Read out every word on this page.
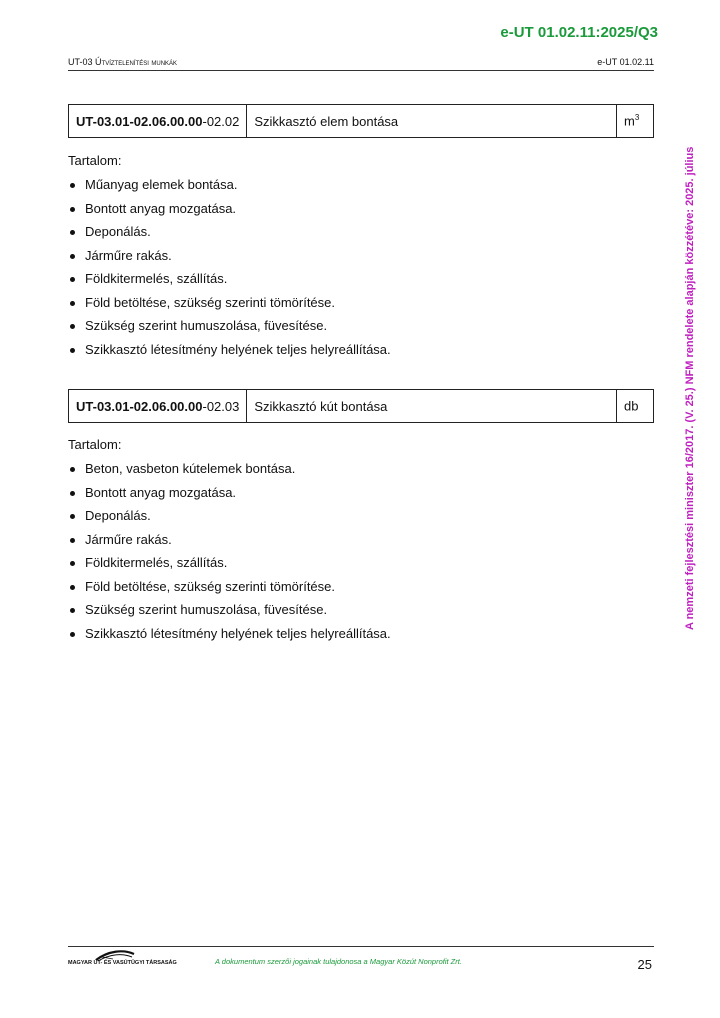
e-UT 01.02.11:2025/Q3
UT-03 Útvíztelenítési munkák	e-UT 01.02.11
A nemzeti fejlesztési miniszter 16/2017. (V. 25.) NFM rendelete alapján közzétéve: 2025. július
UT-03.01-02.06.00.00-02.02	Szikkasztó elem bontása	$m^3$
Tartalom:
Műanyag elemek bontása.
Bontott anyag mozgatása.
Deponálás.
Járműre rakás.
Földkitermelés, szállítás.
Föld betöltése, szükség szerinti tömörítése.
Szükség szerint humuszolása, füvesítése.
Szikkasztó létesítmény helyének teljes helyreállítása.
UT-03.01-02.06.00.00-02.03	Szikkasztó kút bontása	db
Tartalom:
Beton, vasbeton kútelemek bontása.
Bontott anyag mozgatása.
Deponálás.
Járműre rakás.
Földkitermelés, szállítás.
Föld betöltése, szükség szerinti tömörítése.
Szükség szerint humuszolása, füvesítése.
Szikkasztó létesítmény helyének teljes helyreállítása.
MAGYAR ÚT- ÉS VASÚTÜGYI TÁRSASÁG	A dokumentum szerzői jogainak tulajdonosa a Magyar Közút Nonprofit Zrt.	25
